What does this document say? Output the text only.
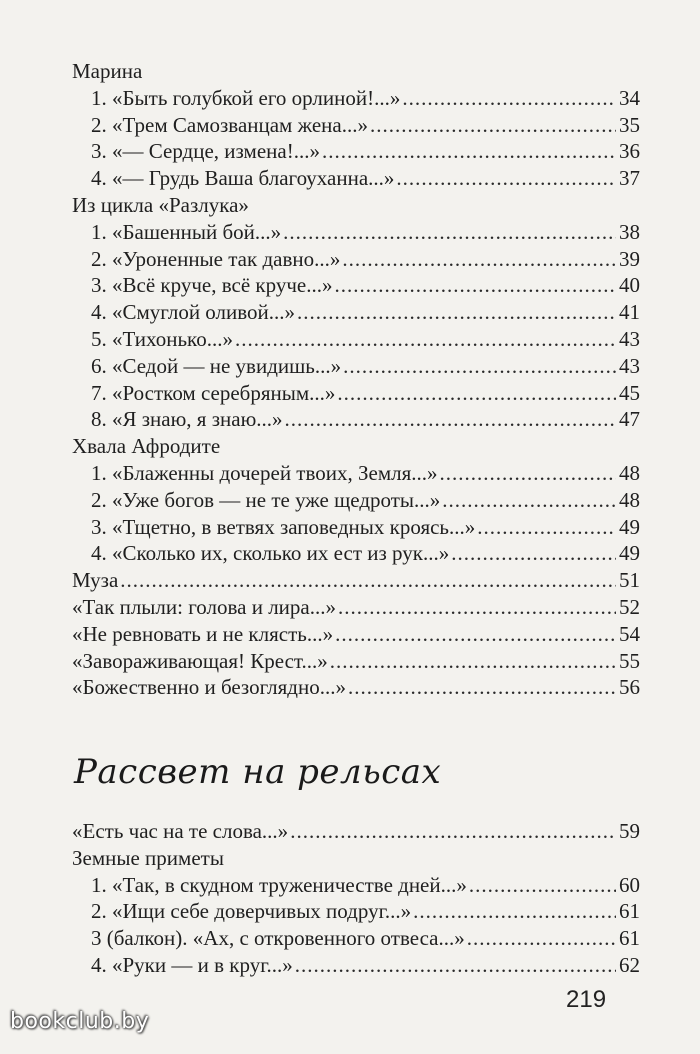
Марина
1. «Быть голубкой его орлиной!...» .....	34
2. «Трем Самозванцам жена...» .....	35
3. «— Сердце, измена!...» .....	36
4. «— Грудь Ваша благоуханна...» .....	37
Из цикла «Разлука»
1. «Башенный бой...» .....	38
2. «Уроненные так давно...» .....	39
3. «Всё круче, всё круче...» .....	40
4. «Смуглой оливой...» .....	41
5. «Тихонько...» .....	43
6. «Седой — не увидишь...» .....	43
7. «Ростком серебряным...» .....	45
8. «Я знаю, я знаю...» .....	47
Хвала Афродите
1. «Блаженны дочерей твоих, Земля...» .....	48
2. «Уже богов — не те уже щедроты...» .....	48
3. «Тщетно, в ветвях заповедных кроясь...» .....	49
4. «Сколько их, сколько их ест из рук...» .....	49
Муза .....	51
«Так плыли: голова и лира...» .....	52
«Не ревновать и не клясть...» .....	54
«Завораживающая! Крест...» .....	55
«Божественно и безоглядно...» .....	56
Рассвет на рельсах
«Есть час на те слова...» .....	59
Земные приметы
1. «Так, в скудном труженичестве дней...» .....	60
2. «Ищи себе доверчивых подруг...» .....	61
3 (балкон). «Ах, с откровенного отвеса...» .....	61
4. «Руки — и в круг...» .....	62
219
bookclub.by
